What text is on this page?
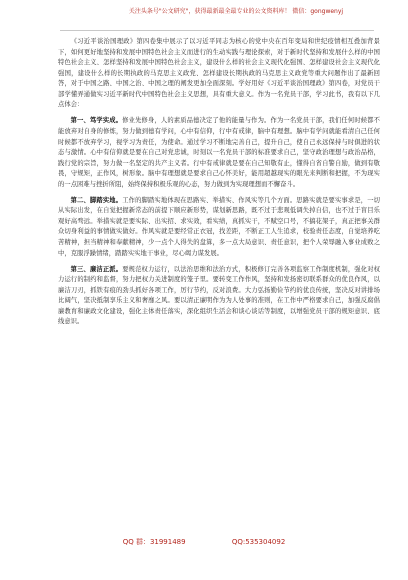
关注头条号"公文研究"，获得最新最全最专业的公文资料库！ 微信：gongwenyj

《习近平谈治国理政》第四卷集中展示了以习近平同志为核心的党中央在百年变局和世纪疫情相互叠加背景下，如何更好地坚持和发展中国特色社会主义而进行的生动实践与理论探索，对于新时代坚持和发展什么样的中国特色社会主义、怎样坚持和发展中国特色社会主义，建设什么样的社会主义现代化强国、怎样建设社会主义现代化强国，建设什么样的长期执政的马克思主义政党、怎样建设长期执政的马克思主义政党等重大问题作出了最新回答，对于中国之路、中国之治、中国之理的阐发更加全面深刻。学好用好《习近平谈治国理政》第四卷，对党员干部学懂弄通做实习近平新时代中国特色社会主义思想，具有重大意义。作为一名党员干部，学习此书，我有以下几点体会：

第一、笃学实成。修业先修身，人的素质品德决定了他的能量与作为。作为一名党员干部，我们任何时候都不能放弃对自身的修炼，努力做到德有学问，心中有信仰，行中有戒律，脑中有理想。脑中有学问就能看清自己任何时候都不放弃学习，视学习为责任，为使命。通过学习不断地完善自己，提升自己，使自己永远保持与时俱进的状态与激情。心中有信仰就是要在自己对党忠诚，时刻以一名党员干部的标准要求自己，坚守政治理想与政治品格，践行党的宗旨，努力做一名坚定的共产主义者。行中有戒律就是要在自己知敬有止，懂得自省自警自励，做到有敬畏，守规矩，正作风，树形象。脑中有理想就是要求自己心怀美好，能用超越现实的眼光来判断和把握，不为现实的一点困难与挫折所阻，始终保持积极乐观的心态，努力做到为实现理想而不懈奋斗。

第二、脚踏实地。工作的脚踏实地体现在思路实、举措实、作风实等几个方面。思路实就是要实事求是，一切从实际出发，在自觉把握新常态的前提下顺应新形势，谋划新思路，既不过于悲观低调失掉自信，也不过于盲目乐观好高骛远。举措实就是要实际、出实招、求实效，看实绩，真抓实干，不赋空口号，不搞花架子，真正把事关群众切身利益的事情做实做好。作风实就是要经常正衣冠，找差距，不断正工人生追求，校验责任态度，自觉培养吃苦精神，担当精神和奉献精神，少一点个人得失的盘算，多一点大局意识、责任意识，把个人荣辱融入事业成败之中，克服浮躁情绪，踏踏实实地干事业，尽心竭力谋发展。

第三、廉洁正派。要规范权力运行，以法治思维和法治方式，积极修订完善各项监察工作制度机制，强化对权力运行的制约和监督，努力把权力关进制度的笼子里。要转变工作作风，坚持和发扬密切联系群众的优良作风，以廉洁刀刃，抓铁有痕的劲头抓好各项工作，厉行节约，反对浪费。大力弘扬勤俭节约的优良传统，坚决反对讲排场比阔气，坚决抵制享乐主义和奢靡之风。要以清正廉明作为为人处事的准则，在工作中严格要求自己，加强反腐倡廉教育和廉政文化建设，强化主体责任落实，深化组织生活会和谈心谈话等制度，以增强党员干部的规矩意识、底线意识。

QQ 群：31991489	QQ:535304092
